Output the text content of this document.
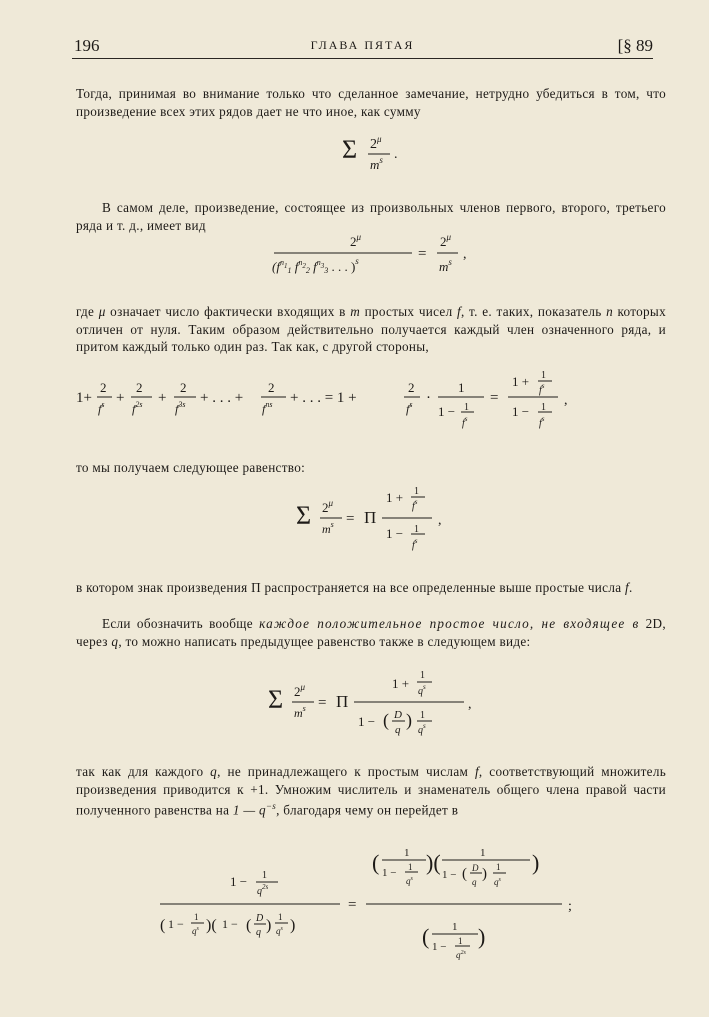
196	ГЛАВА ПЯТАЯ	[§ 89

Тогда, принимая во внимание только что сделанное замечание, нетрудно убедиться в том, что произведение всех этих рядов дает не что иное, как сумму

Σ $2^\mu$
$m^s$ .

В самом деле, произведение, состоящее из произвольных членов первого, второго, третьего ряда и т. д., имеет вид

$2^\mu$
($f^n_{11}$ $f^n_{22}$ $f^n_{33}$ . . . )$^s$	=
$2^\mu$
$m^s$ ,

где μ означает число фактически входящих в m простых чисел f, т. е. таких, показатель n которых отличен от нуля. Таким образом действительно получается каждый член означенного ряда, и притом каждый только один раз. Так как, с другой стороны,

1+
2
$f^s$ +
2
$f^{2s}$ +
2
$f^{3s}$ + . . . +
2
$f^{ns}$ + . . . = 1 +
2
$f^s$ ·
1
1 − 1
$f^s$
=
1 + 1
$f^s$
1 − 1
$f^s$
,

то мы получаем следующее равенство:

Σ $2^\mu$
$m^s = \Pi$
1 + 1
$f^s$
1 − 1
$f^s$
,

в котором знак произведения Π распространяется на все определенные выше простые числа f.

Если обозначить вообще каждое положительное простое число, не входящее в 2D, через q, то можно написать предыдущее равенство также в следующем виде:

Σ $2^\mu$
$m^s = \Pi$
1 +
1
$q^s$
1 − ( D
q ) 1
$q^s$
,

так как для каждого q, не принадлежащего к простым числам f, соответствующий множитель произведения приводится к +1. Умножим числитель и знаменатель общего члена правой части полученного равенства на 1 — $q^{-s}$, благодаря чему он перейдет в

1 − 1
$q^{2s}$
( 1 − 1
$q^s$ )( 1 − ( D
q ) 1
$q^s$ )
=
( 1
1 − 1
$q^s$
)(	1
1 − ( D
q ) 1
$q^s$
)
( 1
1 − 1
$q^{2s}$
)
;
